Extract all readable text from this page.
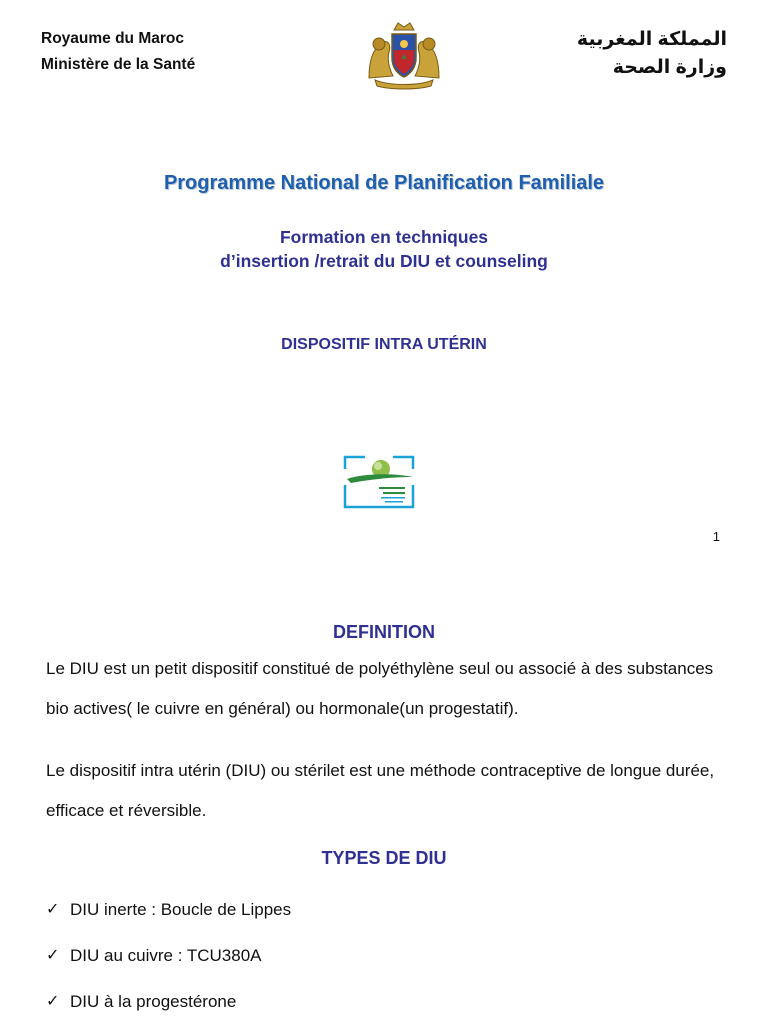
Royaume du Maroc
Ministère de la Santé
المملكة المغربية
وزارة الصحة
Programme National de Planification Familiale
Formation en techniques
d’insertion /retrait du DIU et counseling
DISPOSITIF INTRA UTÉRIN
1
DEFINITION
Le DIU est un petit dispositif constitué de polyéthylène seul ou associé à des substances bio actives( le cuivre en général) ou hormonale(un progestatif).
Le dispositif intra utérin (DIU) ou stérilet est une méthode contraceptive de longue durée, efficace et réversible.
TYPES DE DIU
✓ DIU inerte : Boucle de Lippes
✓ DIU au cuivre : TCU380A
✓ DIU à la progestérone
